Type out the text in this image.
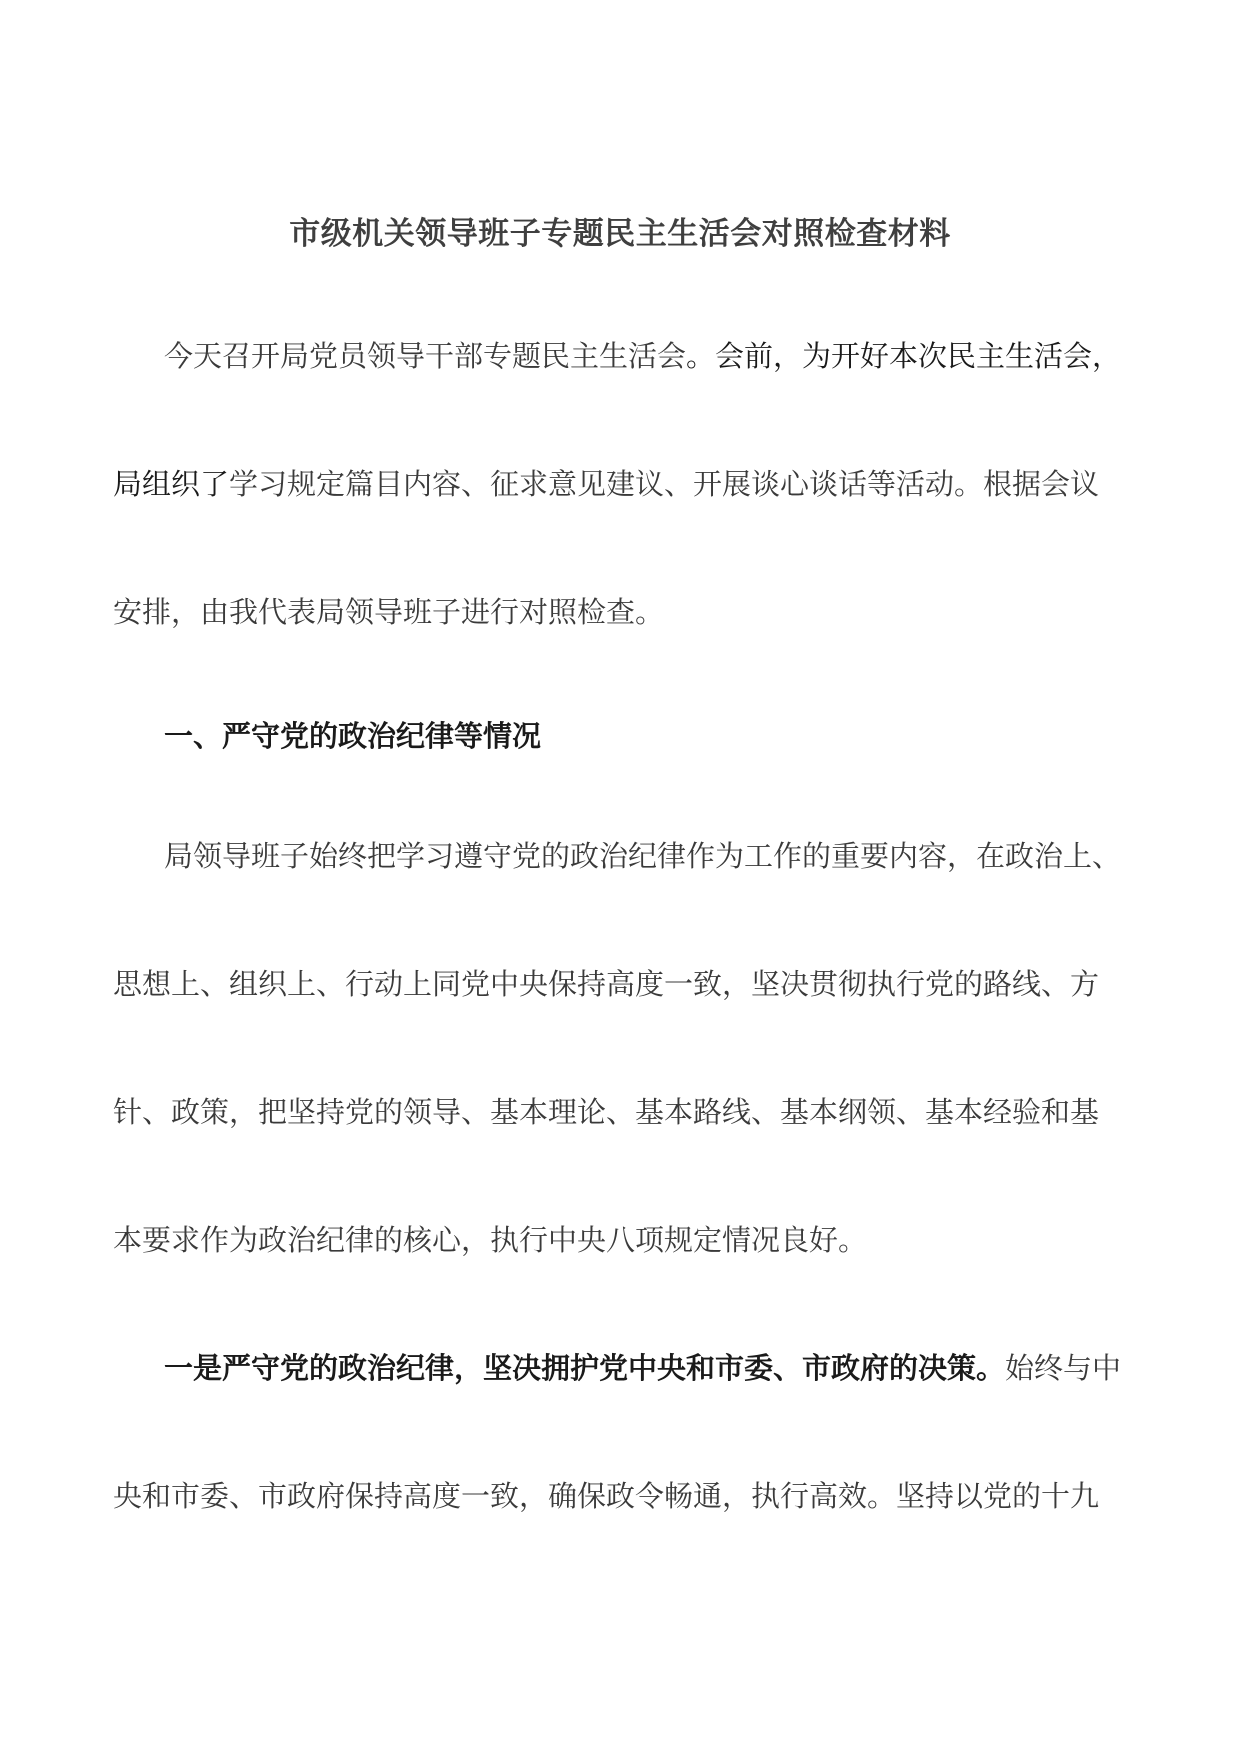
市级机关领导班子专题民主生活会对照检查材料
今天召开局党员领导干部专题民主生活会。会前，为开好本次民主生活会，
局组织了学习规定篇目内容、征求意见建议、开展谈心谈话等活动。根据会议
安排，由我代表局领导班子进行对照检查。
一、严守党的政治纪律等情况
局领导班子始终把学习遵守党的政治纪律作为工作的重要内容，在政治上、
思想上、组织上、行动上同党中央保持高度一致，坚决贯彻执行党的路线、方
针、政策，把坚持党的领导、基本理论、基本路线、基本纲领、基本经验和基
本要求作为政治纪律的核心，执行中央八项规定情况良好。
一是严守党的政治纪律，坚决拥护党中央和市委、市政府的决策。始终与中
央和市委、市政府保持高度一致，确保政令畅通，执行高效。坚持以党的十九
